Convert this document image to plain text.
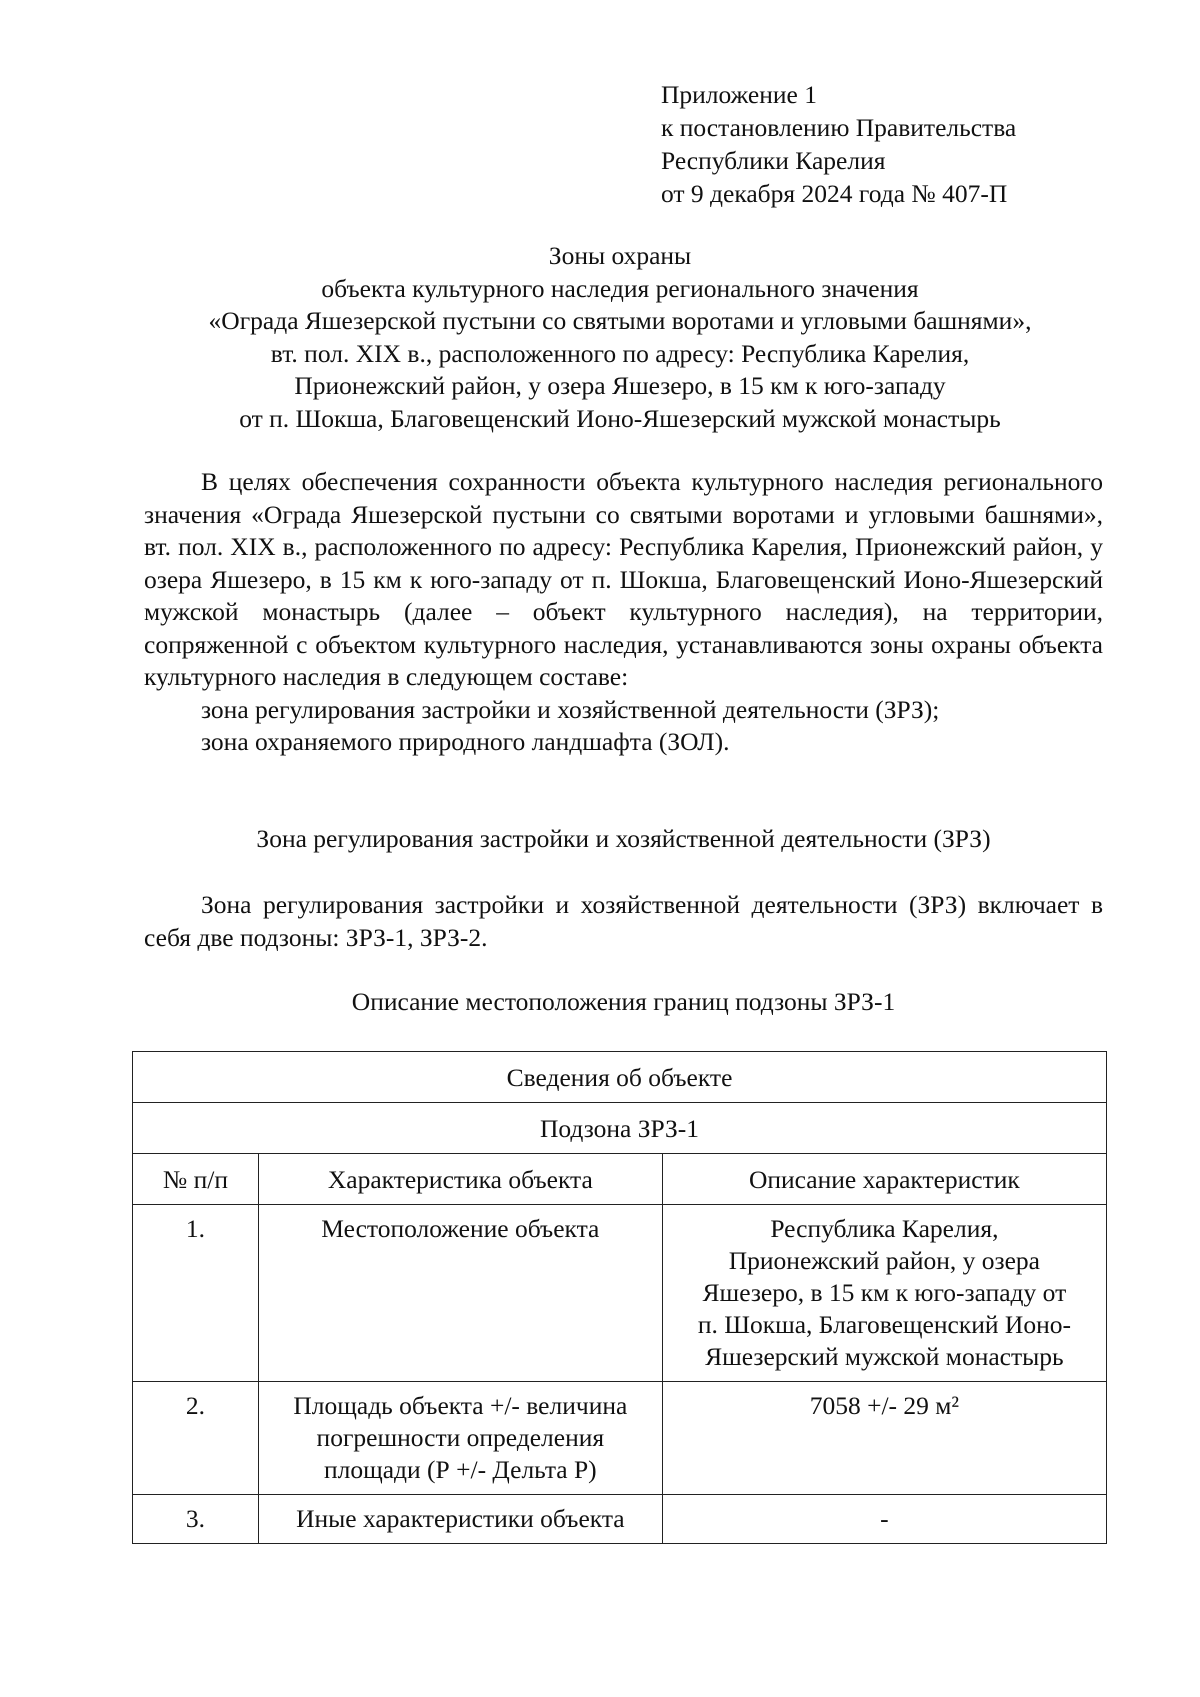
Приложение 1
к постановлению Правительства
Республики Карелия
от 9 декабря 2024 года № 407-П
Зоны охраны
объекта культурного наследия регионального значения
«Ограда Яшезерской пустыни со святыми воротами и угловыми башнями»,
вт. пол. XIX в., расположенного по адресу: Республика Карелия,
Прионежский район, у озера Яшезеро, в 15 км к юго-западу
от п. Шокша, Благовещенский Ионо-Яшезерский мужской монастырь

В целях обеспечения сохранности объекта культурного наследия регионального значения «Ограда Яшезерской пустыни со святыми воротами и угловыми башнями», вт. пол. XIX в., расположенного по адресу: Республика Карелия, Прионежский район, у озера Яшезеро, в 15 км к юго-западу от п. Шокша, Благовещенский Ионо-Яшезерский мужской монастырь (далее – объект культурного наследия), на территории, сопряженной с объектом культурного наследия, устанавливаются зоны охраны объекта культурного наследия в следующем составе:

зона регулирования застройки и хозяйственной деятельности (ЗРЗ);
зона охраняемого природного ландшафта (ЗОЛ).
Зона регулирования застройки и хозяйственной деятельности (ЗРЗ)

Зона регулирования застройки и хозяйственной деятельности (ЗРЗ) включает в себя две подзоны: ЗРЗ-1, ЗРЗ-2.

Описание местоположения границ подзоны ЗРЗ-1
Сведения об объекте		
Подзона ЗРЗ-1		
№ п/п	Характеристика объекта	Описание характеристик
1.	Местоположение объекта	Республика Карелия,
Прионежский район, у озера
Яшезеро, в 15 км к юго-западу от
п. Шокша, Благовещенский Ионо-
Яшезерский мужской монастырь

2.	Площадь объекта +/- величина
погрешности определения
площади (Р +/- Дельта Р)	7058 +/- 29 м²
3.	Иные характеристики объекта	-
